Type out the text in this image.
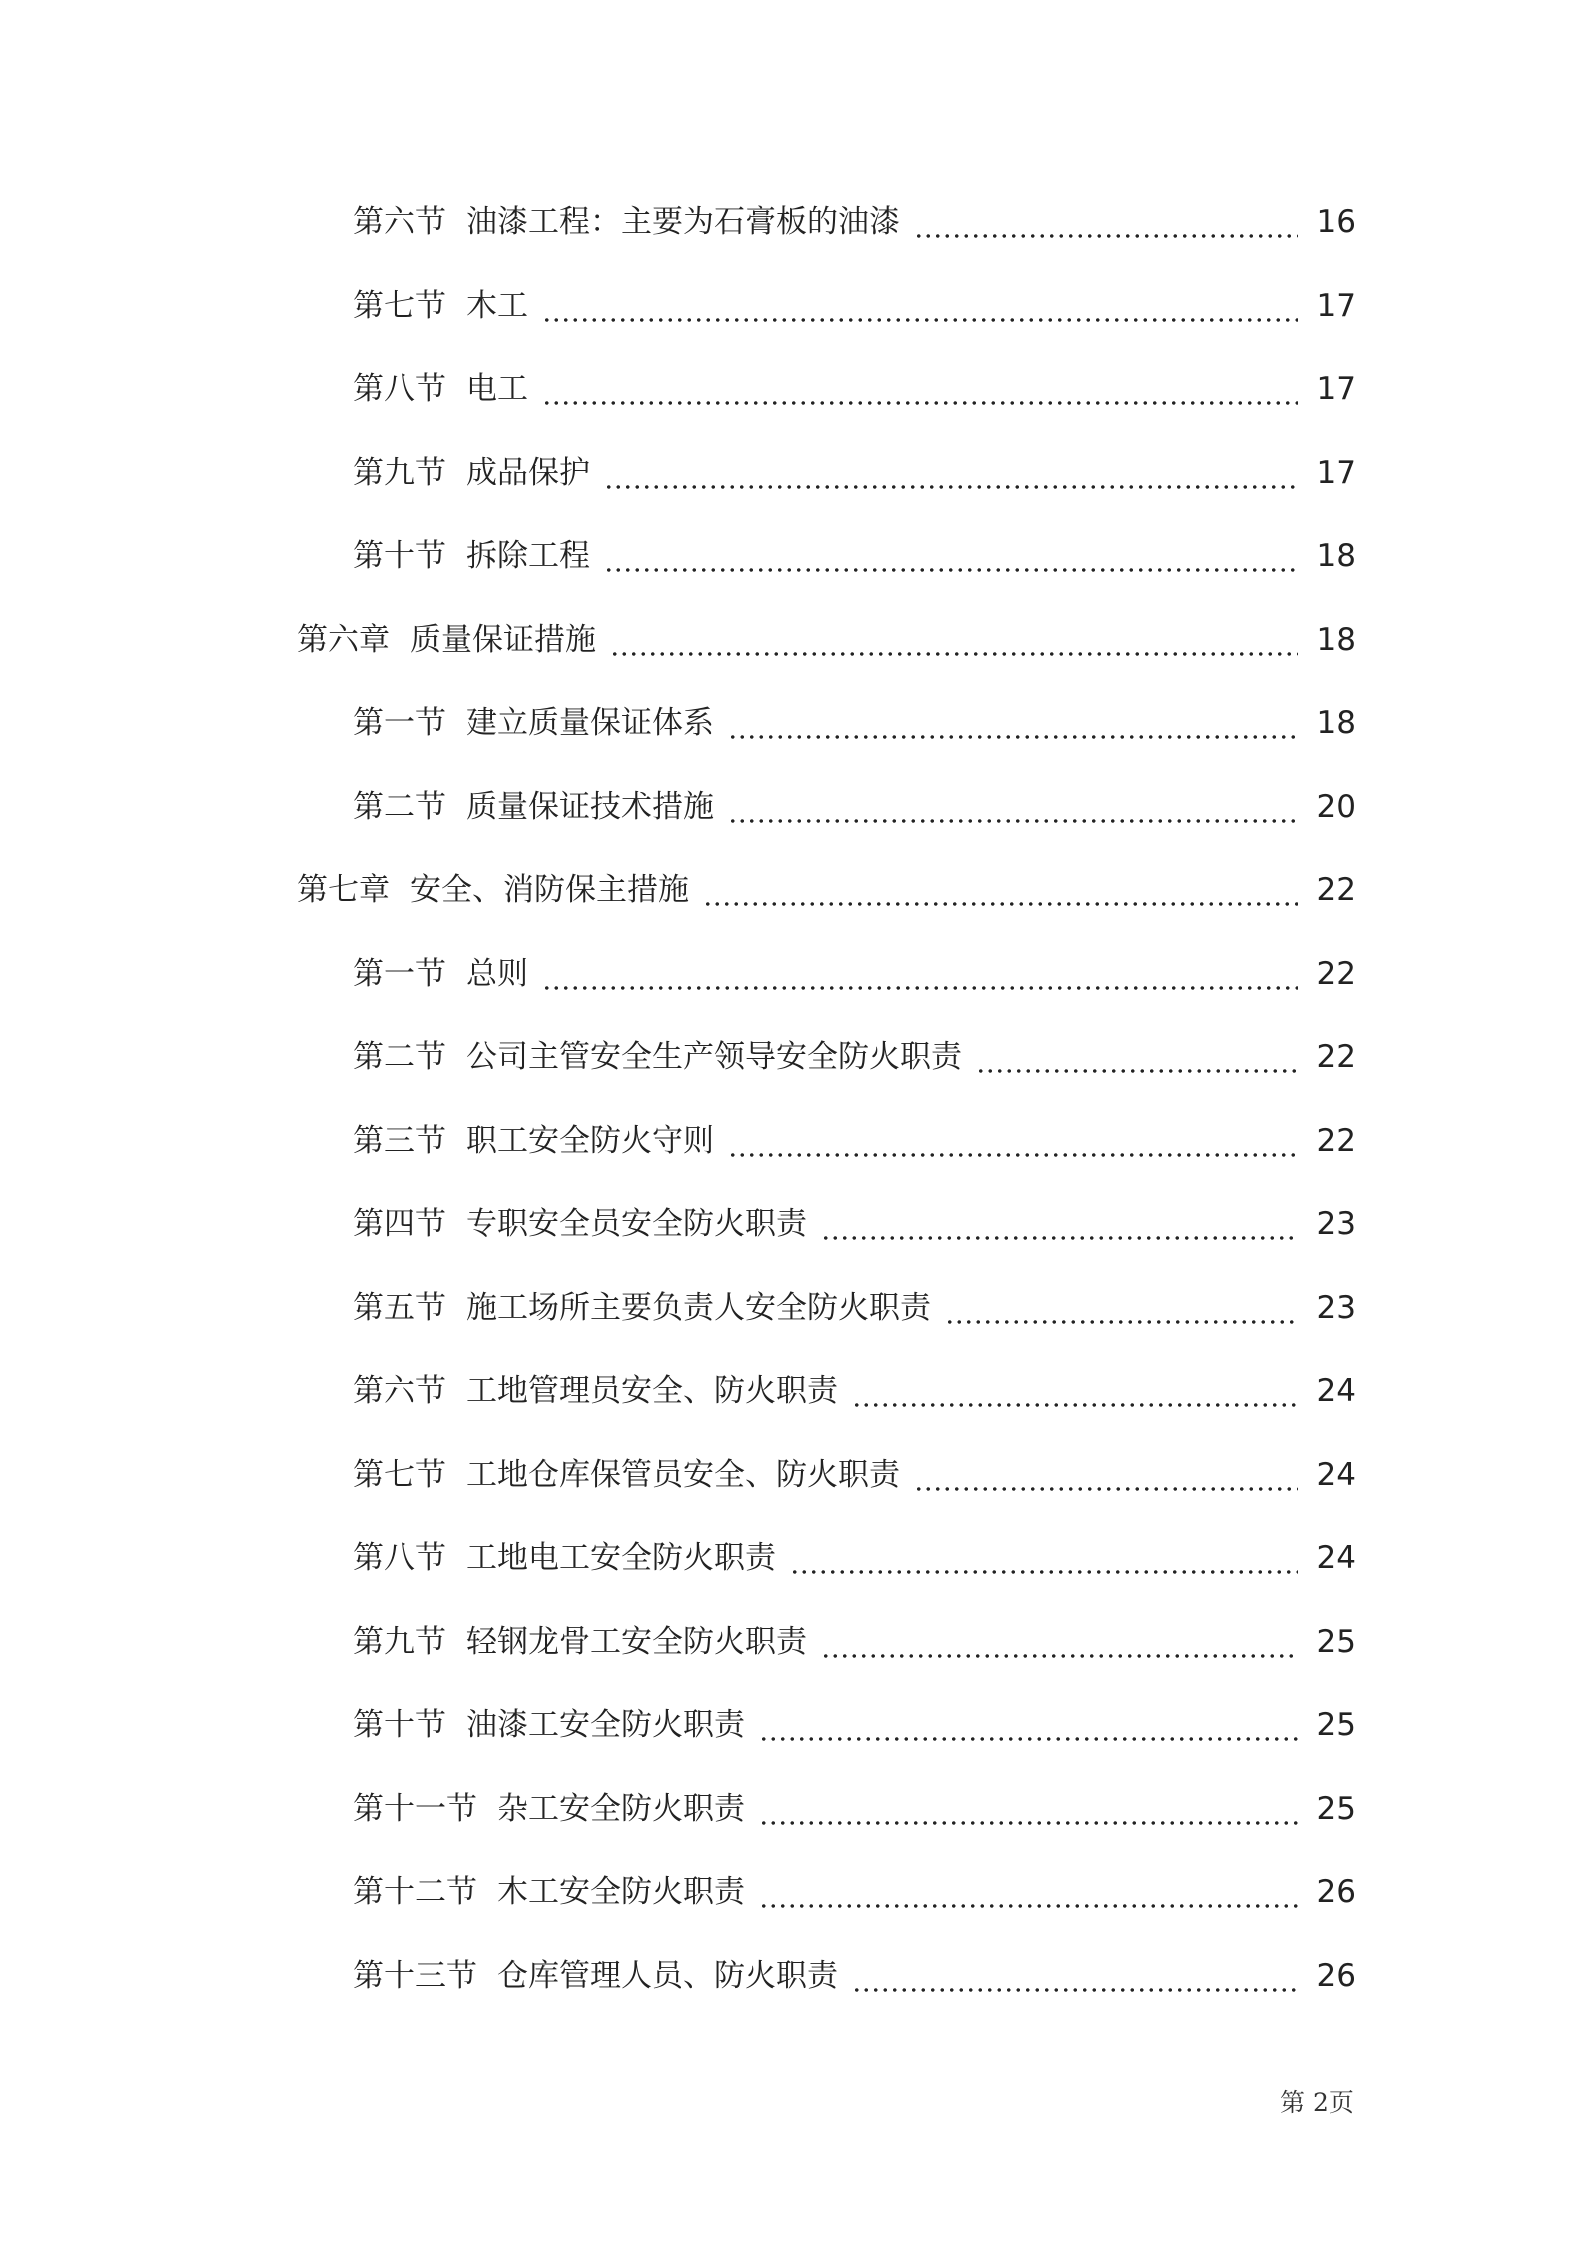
第六节 油漆工程：主要为石膏板的油漆	16
第七节 木工	17
第八节 电工	17
第九节 成品保护	17
第十节 拆除工程	18
第六章 质量保证措施	18
第一节 建立质量保证体系	18
第二节 质量保证技术措施	20
第七章 安全、消防保主措施	22
第一节 总则	22
第二节 公司主管安全生产领导安全防火职责	22
第三节 职工安全防火守则	22
第四节 专职安全员安全防火职责	23
第五节 施工场所主要负责人安全防火职责	23
第六节 工地管理员安全、防火职责	24
第七节 工地仓库保管员安全、防火职责	24
第八节 工地电工安全防火职责	24
第九节 轻钢龙骨工安全防火职责	25
第十节 油漆工安全防火职责	25
第十一节 杂工安全防火职责	25
第十二节 木工安全防火职责	26
第十三节 仓库管理人员、防火职责	26
第 2页
